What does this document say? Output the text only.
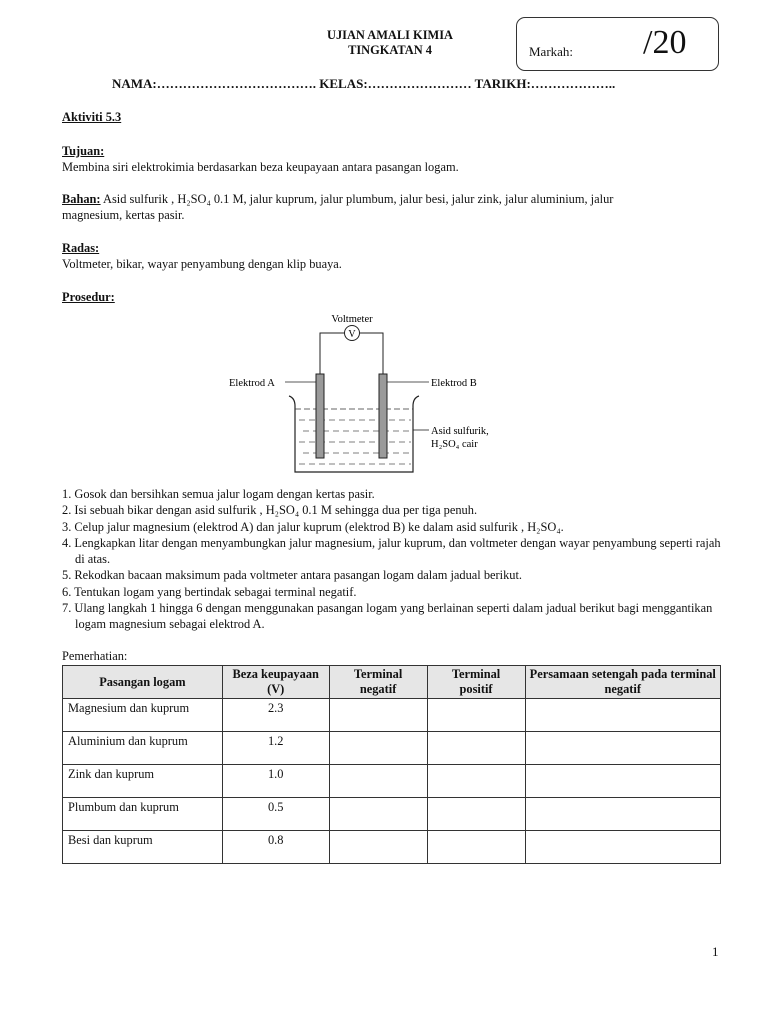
UJIAN AMALI KIMIA
TINGKATAN 4	Markah: /20
NAMA:………………………………. KELAS:…………………… TARIKH:………………..
Aktiviti 5.3
Tujuan:
Membina siri elektrokimia berdasarkan beza keupayaan antara pasangan logam.
Bahan: Asid sulfurik , H₂SO₄ 0.1 M, jalur kuprum, jalur plumbum, jalur besi, jalur zink, jalur aluminium, jalur
magnesium, kertas pasir.
Radas:
Voltmeter, bikar, wayar penyambung dengan klip buaya.
Prosedur:
Voltmeter
V
Elektrod A	Elektrod B
Asid sulfurik,
H₂SO₄ cair
1. Gosok dan bersihkan semua jalur logam dengan kertas pasir.
2. Isi sebuah bikar dengan asid sulfurik , H₂SO₄ 0.1 M sehingga dua per tiga penuh.
3. Celup jalur magnesium (elektrod A) dan jalur kuprum (elektrod B) ke dalam asid sulfurik , H₂SO₄.
4. Lengkapkan litar dengan menyambungkan jalur magnesium, jalur kuprum, dan voltmeter dengan wayar penyambung seperti rajah di atas.
5. Rekodkan bacaan maksimum pada voltmeter antara pasangan logam dalam jadual berikut.
6. Tentukan logam yang bertindak sebagai terminal negatif.
7. Ulang langkah 1 hingga 6 dengan menggunakan pasangan logam yang berlainan seperti dalam jadual berikut bagi menggantikan logam magnesium sebagai elektrod A.
Pemerhatian:
Pasangan logam	Beza keupayaan (V)	Terminal negatif	Terminal positif	Persamaan setengah pada terminal negatif
Magnesium dan kuprum	2.3			
Aluminium dan kuprum	1.2			
Zink dan kuprum	1.0			
Plumbum dan kuprum	0.5			
Besi dan kuprum	0.8			
1
